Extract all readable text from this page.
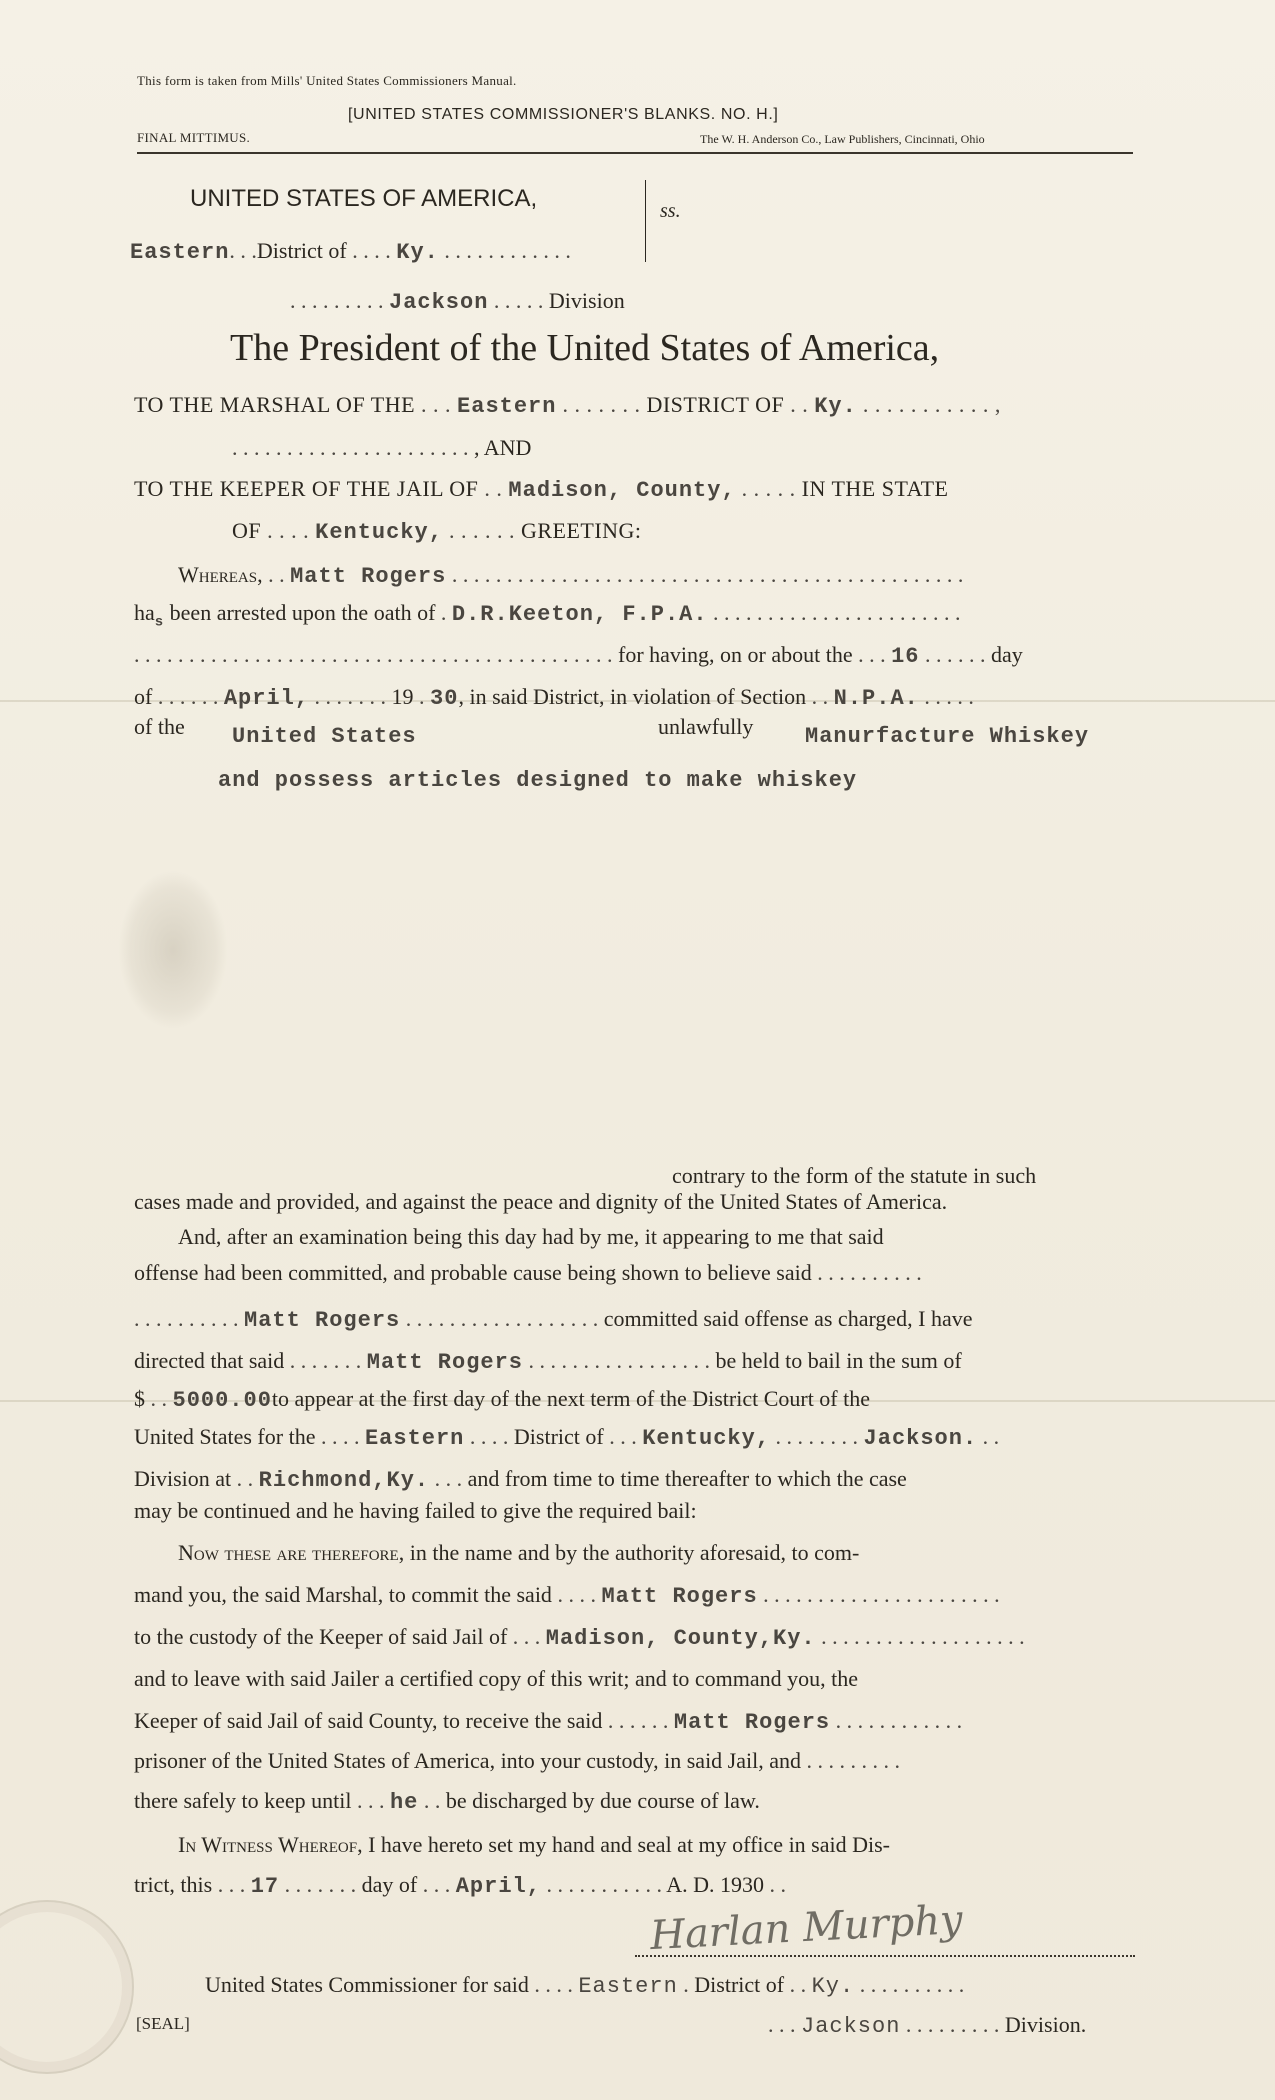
This form is taken from Mills' United States Commissioners Manual.
[UNITED STATES COMMISSIONER'S BLANKS. NO. H.]
FINAL MITTIMUS.	The W. H. Anderson Co., Law Publishers, Cincinnati, Ohio
UNITED STATES OF AMERICA,	ss.
Eastern. . .District of . . . . Ky. . . . . . . . . . . . .
. . . . . . . . . Jackson . . . . . Division
The President of the United States of America,
TO THE MARSHAL OF THE . . . Eastern . . . . . . . DISTRICT OF . . Ky. . . . . . . . . . . . ,
. . . . . . . . . . . . . . . . . . . . . . , AND
TO THE KEEPER OF THE JAIL OF . . Madison, County, . . . . . IN THE STATE
OF . . . . Kentucky, . . . . . . GREETING:
Whereas, . . Matt Rogers . . . . . . . . . . . . . . . . . . . . . . . . . . . . . . . . . . . . . . . . . . . . . . .
$ha_s$ been arrested upon the oath of . D.R.Keeton, F.P.A. . . . . . . . . . . . . . . . . . . . . . . .
. . . . . . . . . . . . . . . . . . . . . . . . . . . . . . . . . . . . . . . . . . . . for having, on or about the . . . 16 . . . . . . day
of . . . . . . April, . . . . . . . 19 . 30, in said District, in violation of Section . . N.P.A. . . . . .
of the United States	unlawfully Manurfacture Whiskey
and possess articles designed to make whiskey
contrary to the form of the statute in such
cases made and provided, and against the peace and dignity of the United States of America.
And, after an examination being this day had by me, it appearing to me that said
offense had been committed, and probable cause being shown to believe said . . . . . . . . . .
. . . . . . . . . . Matt Rogers . . . . . . . . . . . . . . . . . . committed said offense as charged, I have
directed that said . . . . . . . Matt Rogers . . . . . . . . . . . . . . . . . be held to bail in the sum of
$ . . 5000.00to appear at the first day of the next term of the District Court of the
United States for the . . . . Eastern . . . . District of . . . Kentucky, . . . . . . . . Jackson. . .
Division at . . Richmond,Ky. . . . and from time to time thereafter to which the case
may be continued and he having failed to give the required bail:
Now these are therefore, in the name and by the authority aforesaid, to com-
mand you, the said Marshal, to commit the said . . . . Matt Rogers . . . . . . . . . . . . . . . . . . . . . .
to the custody of the Keeper of said Jail of . . . Madison, County,Ky. . . . . . . . . . . . . . . . . . . .
and to leave with said Jailer a certified copy of this writ; and to command you, the
Keeper of said Jail of said County, to receive the said . . . . . . Matt Rogers . . . . . . . . . . . .
prisoner of the United States of America, into your custody, in said Jail, and . . . . . . . . .
there safely to keep until . . . he . . be discharged by due course of law.
In Witness Whereof, I have hereto set my hand and seal at my office in said Dis-
trict, this . . . 17 . . . . . . . day of . . . April, . . . . . . . . . . . A. D. 1930 . .
Harlan Murphy
United States Commissioner for said . . . . Eastern . District of . . Ky. . . . . . . . . . .
[SEAL]	. . . Jackson . . . . . . . . . Division.
